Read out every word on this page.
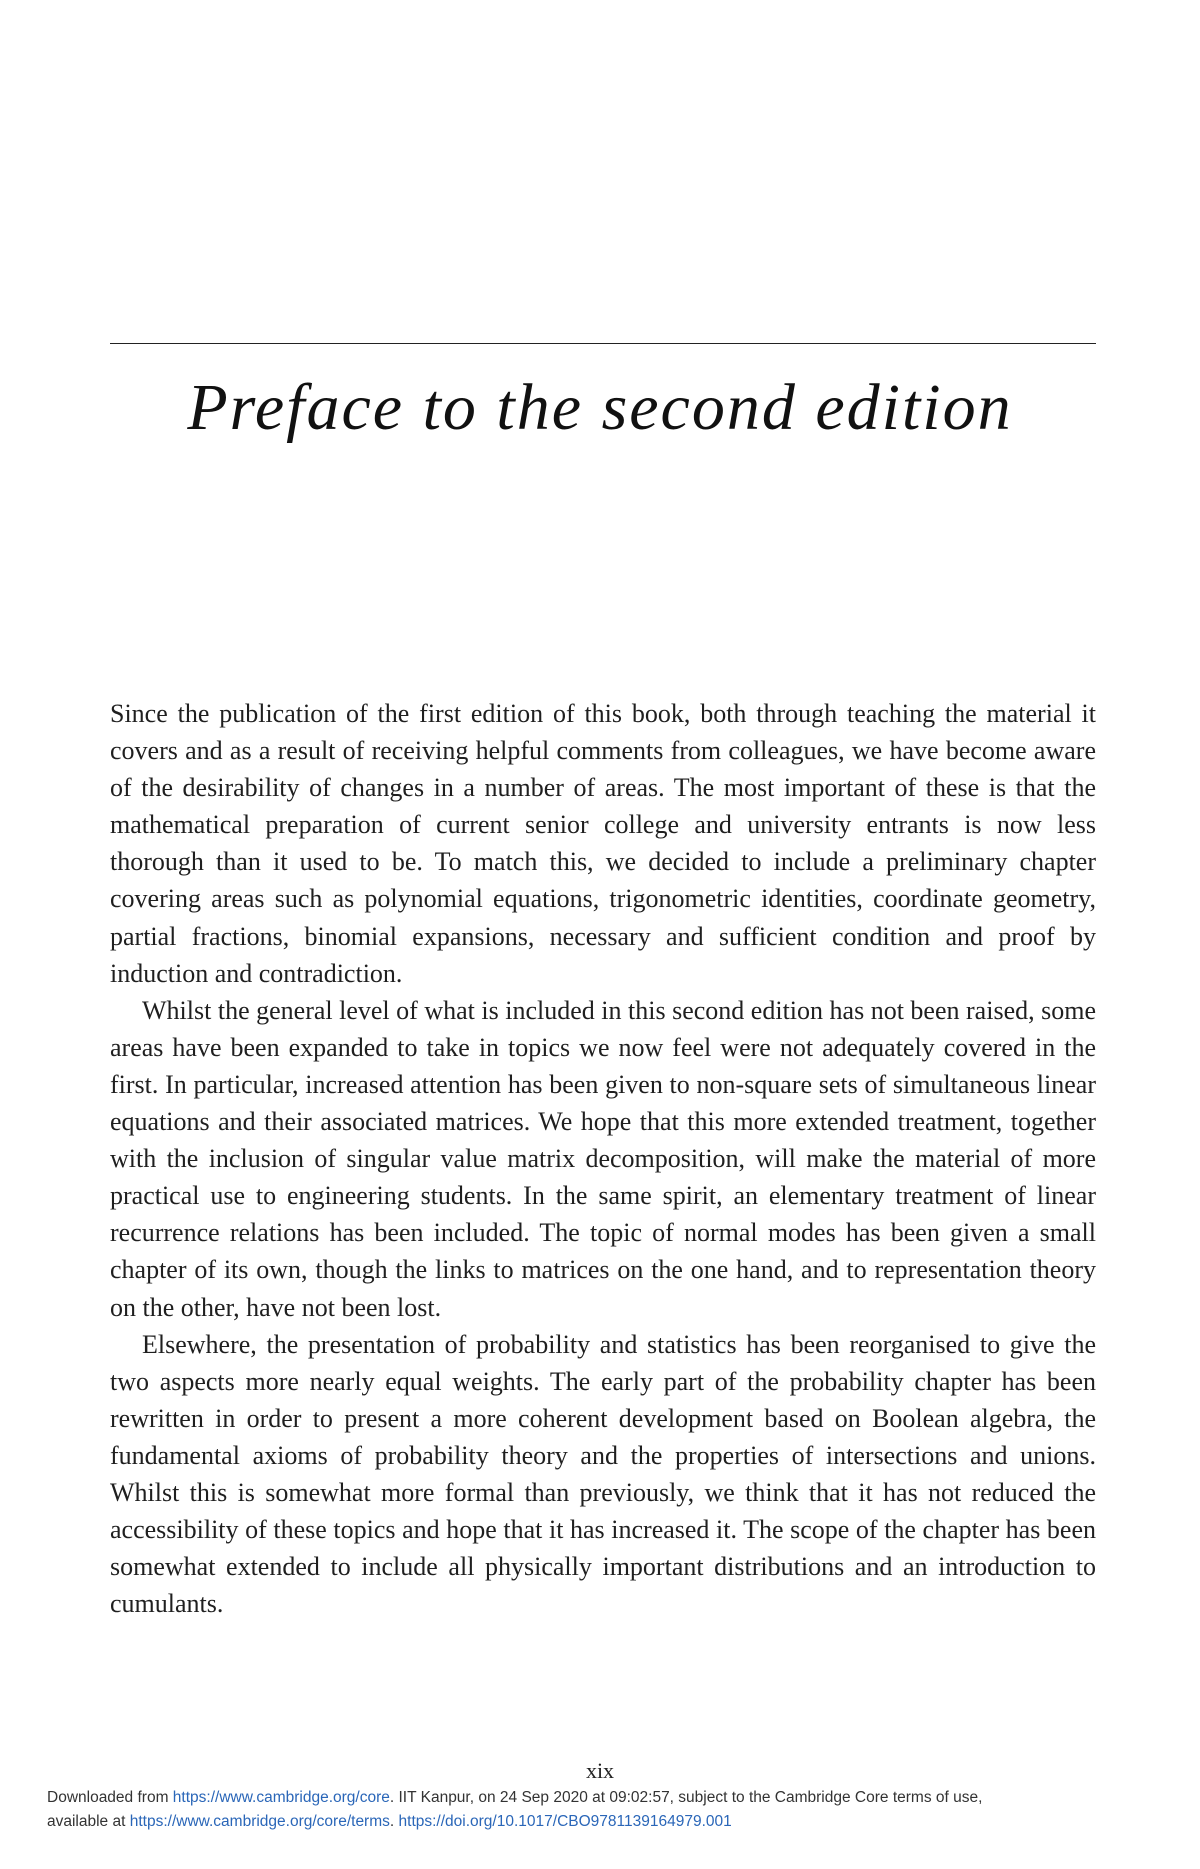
Preface to the second edition

Since the publication of the first edition of this book, both through teaching the material it covers and as a result of receiving helpful comments from colleagues, we have become aware of the desirability of changes in a number of areas. The most important of these is that the mathematical preparation of current senior college and university entrants is now less thorough than it used to be. To match this, we decided to include a preliminary chapter covering areas such as polynomial equations, trigonometric identities, coordinate geometry, partial fractions, binomial expansions, necessary and sufficient condition and proof by induction and contradiction.

Whilst the general level of what is included in this second edition has not been raised, some areas have been expanded to take in topics we now feel were not adequately covered in the first. In particular, increased attention has been given to non-square sets of simultaneous linear equations and their associated matrices. We hope that this more extended treatment, together with the inclusion of singular value matrix decomposition, will make the material of more practical use to engineering students. In the same spirit, an elementary treatment of linear recurrence relations has been included. The topic of normal modes has been given a small chapter of its own, though the links to matrices on the one hand, and to representation theory on the other, have not been lost.

Elsewhere, the presentation of probability and statistics has been reorganised to give the two aspects more nearly equal weights. The early part of the probability chapter has been rewritten in order to present a more coherent development based on Boolean algebra, the fundamental axioms of probability theory and the properties of intersections and unions. Whilst this is somewhat more formal than previously, we think that it has not reduced the accessibility of these topics and hope that it has increased it. The scope of the chapter has been somewhat extended to include all physically important distributions and an introduction to cumulants.

xix
Downloaded from https://www.cambridge.org/core. IIT Kanpur, on 24 Sep 2020 at 09:02:57, subject to the Cambridge Core terms of use,
available at https://www.cambridge.org/core/terms. https://doi.org/10.1017/CBO9781139164979.001
